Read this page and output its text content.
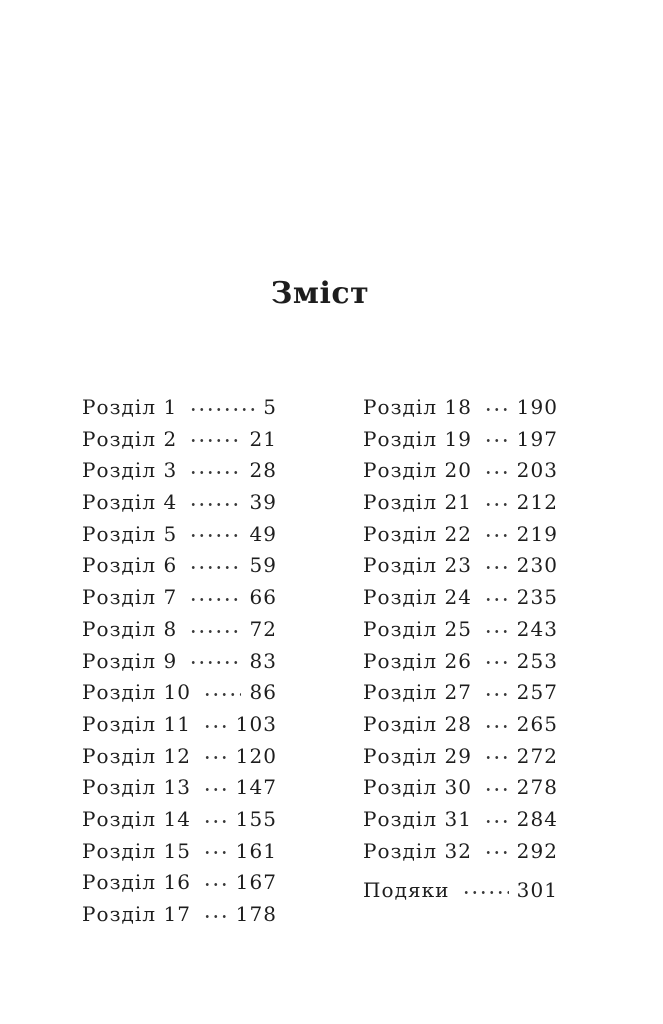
Зміст
Розділ 1	5
Розділ 2	21
Розділ 3	28
Розділ 4	39
Розділ 5	49
Розділ 6	59
Розділ 7	66
Розділ 8	72
Розділ 9	83
Розділ 10	86
Розділ 11 103
Розділ 12 120
Розділ 13 147
Розділ 14 155
Розділ 15 161
Розділ 16 167
Розділ 17 178
Розділ 18 190
Розділ 19 197
Розділ 20 203
Розділ 21 212
Розділ 22 219
Розділ 23 230
Розділ 24 235
Розділ 25 243
Розділ 26 253
Розділ 27 257
Розділ 28 265
Розділ 29 272
Розділ 30 278
Розділ 31 284
Розділ 32 292
Подяки	301
